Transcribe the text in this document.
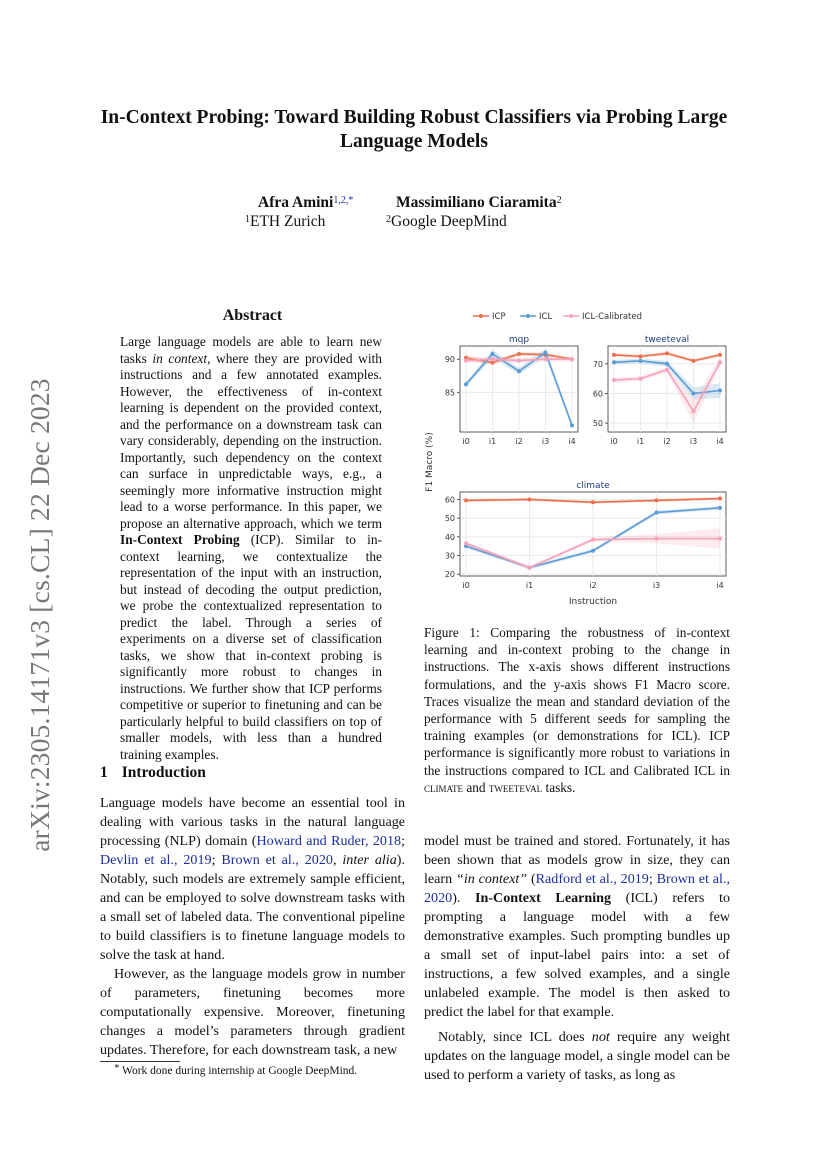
In-Context Probing: Toward Building Robust Classifiers via Probing Large
Language Models
Afra Amini$^{1,2,*}$
$^1$ETH Zurich
Massimiliano Ciaramita$^2$
$^2$Google DeepMind
arXiv:2305.14171v3 [cs.CL] 22 Dec 2023
Abstract
Large language models are able to learn new tasks in context, where they are provided with instructions and a few annotated examples. However, the effectiveness of in-context learning is dependent on the provided context, and the performance on a downstream task can vary considerably, depending on the instruction. Importantly, such dependency on the context can surface in unpredictable ways, e.g., a seemingly more informative instruction might lead to a worse performance. In this paper, we propose an alternative approach, which we term In-Context Probing (ICP). Similar to in-context learning, we contextualize the representation of the input with an instruction, but instead of decoding the output prediction, we probe the contextualized representation to predict the label. Through a series of experiments on a diverse set of classification tasks, we show that in-context probing is significantly more robust to changes in instructions. We further show that ICP performs competitive or superior to finetuning and can be particularly helpful to build classifiers on top of smaller models, with less than a hundred training examples.
1 Introduction

Language models have become an essential tool in dealing with various tasks in the natural language processing (NLP) domain (Howard and Ruder, 2018; Devlin et al., 2019; Brown et al., 2020, inter alia). Notably, such models are extremely sample efficient, and can be employed to solve downstream tasks with a small set of labeled data. The conventional pipeline to build classifiers is to finetune language models to solve the task at hand.

However, as the language models grow in number of parameters, finetuning becomes more computationally expensive. Moreover, finetuning changes a model’s parameters through gradient updates. Therefore, for each downstream task, a new

* Work done during internship at Google DeepMind.
ICP	ICL	ICL-Calibrated
i0 i1 i2 i3 i4
85
90
mqp
i0 i1 i2 i3 i4
50
60
70
tweeteval
i0	i1	i2	i3	i4
20
30
40
50
60
climate
Instruction
F1 Macro (%)
Figure 1: Comparing the robustness of in-context learning and in-context probing to the change in instructions. The x-axis shows different instructions formulations, and the y-axis shows F1 Macro score. Traces visualize the mean and standard deviation of the performance with 5 different seeds for sampling the training examples (or demonstrations for ICL). ICP performance is significantly more robust to variations in the instructions compared to ICL and Calibrated ICL in climate and tweeteval tasks.

model must be trained and stored. Fortunately, it has been shown that as models grow in size, they can learn “in context” (Radford et al., 2019; Brown et al., 2020). In-Context Learning (ICL) refers to prompting a language model with a few demonstrative examples. Such prompting bundles up a small set of input-label pairs into: a set of instructions, a few solved examples, and a single unlabeled example. The model is then asked to predict the label for that example.

Notably, since ICL does not require any weight updates on the language model, a single model can be used to perform a variety of tasks, as long as
